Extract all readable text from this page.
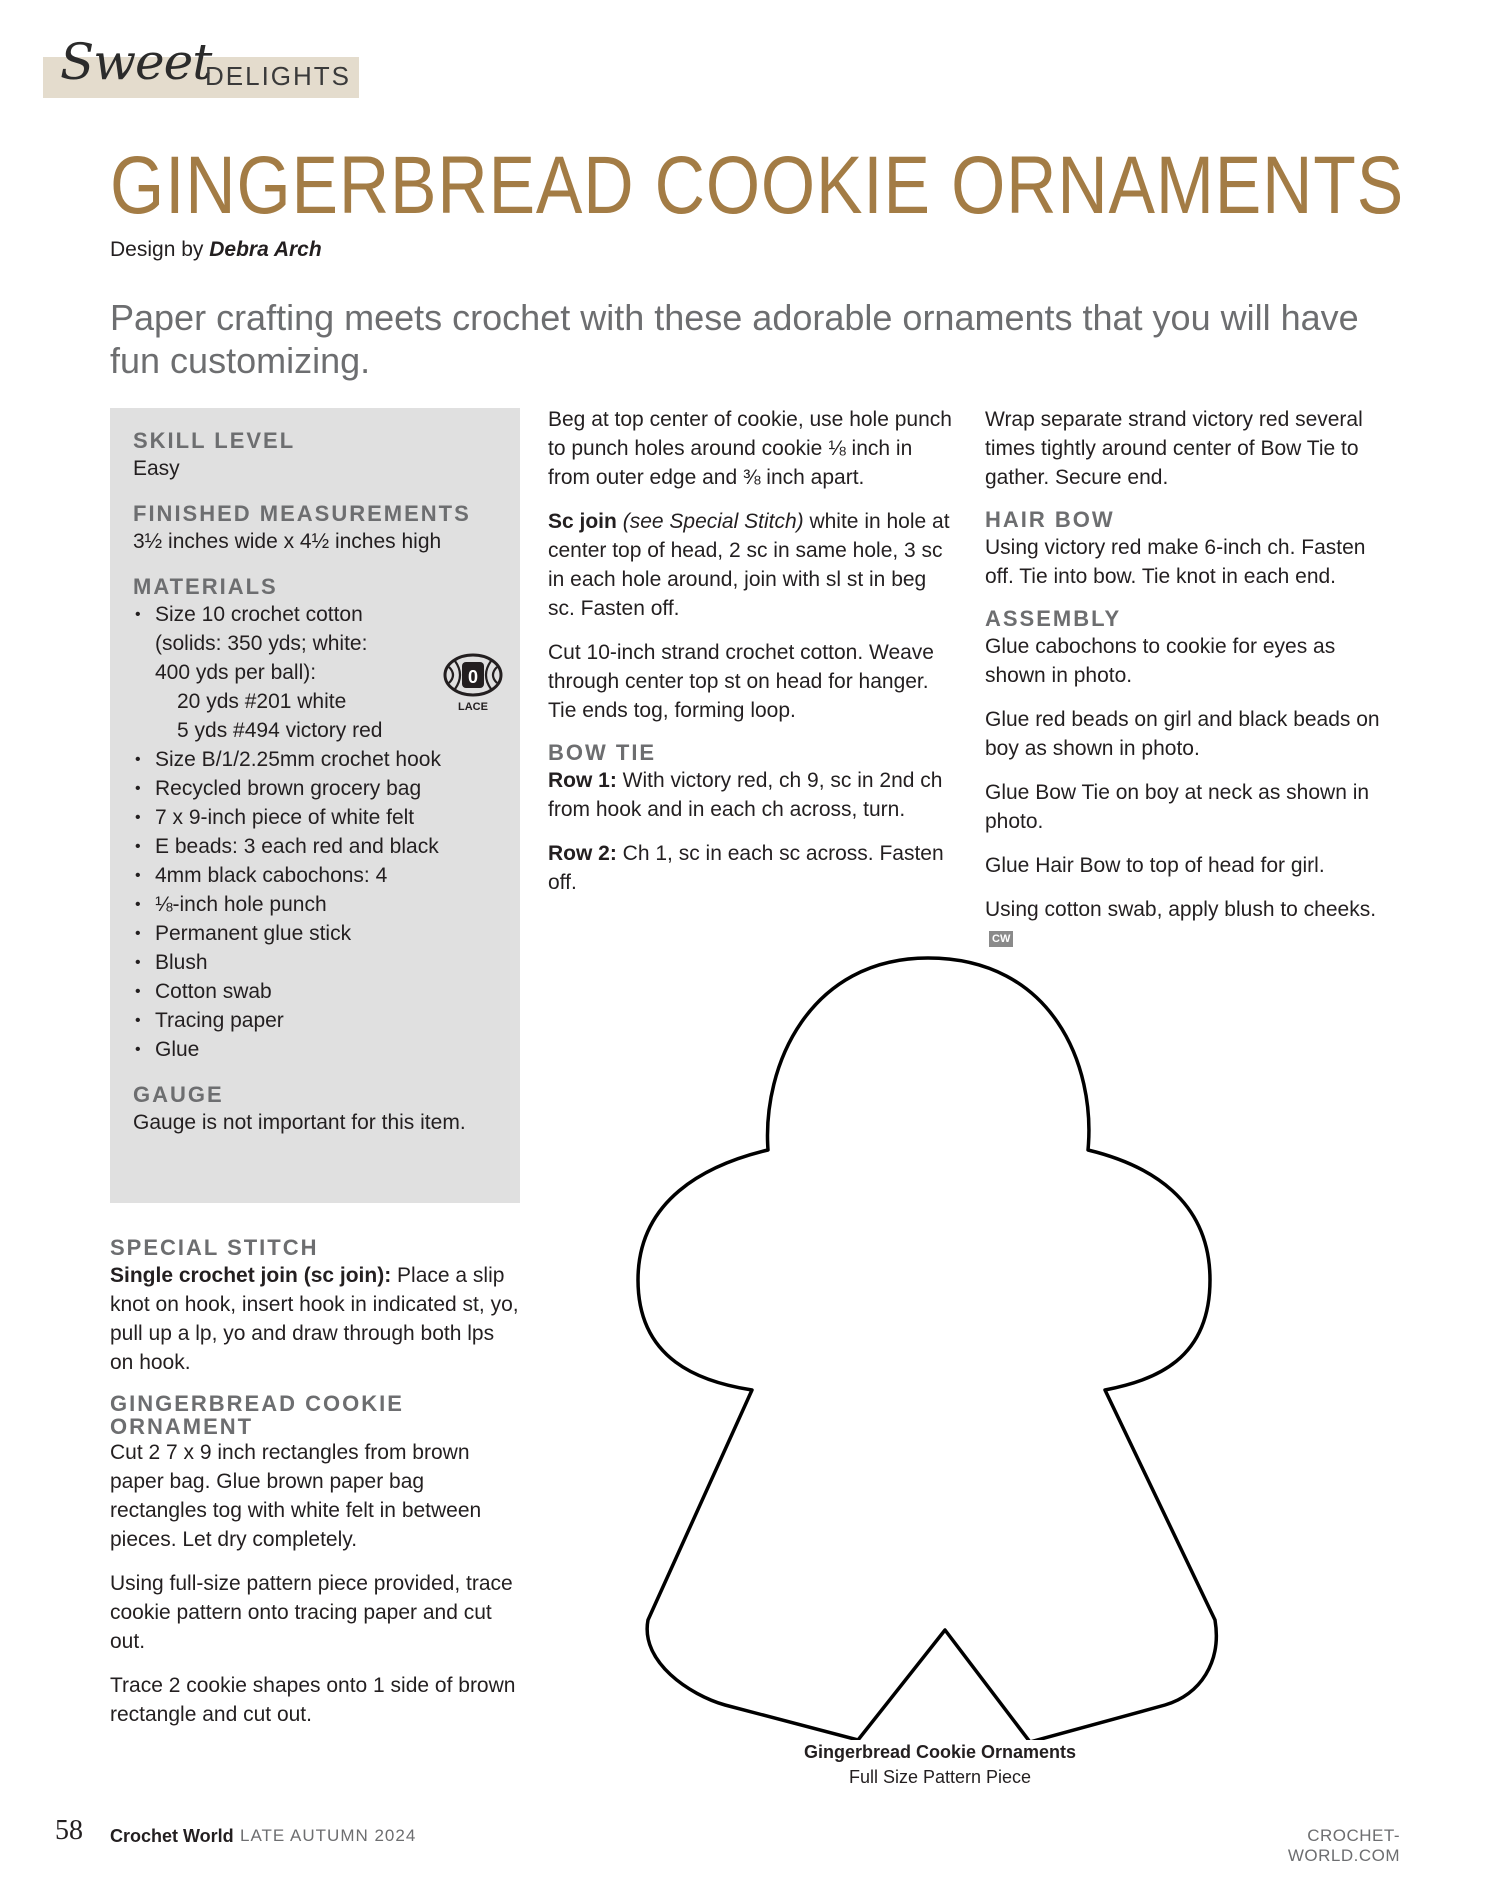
Sweet
DELIGHTS
GINGERBREAD COOKIE ORNAMENTS
Design by Debra Arch
Paper crafting meets crochet with these adorable ornaments that you will have fun customizing.
SKILL LEVEL
Easy
FINISHED MEASUREMENTS
3½ inches wide x 4½ inches high
MATERIALS
• Size 10 crochet cotton
(solids: 350 yds; white:
400 yds per ball):
20 yds #201 white
5 yds #494 victory red
• Size B/1/2.25mm crochet hook
• Recycled brown grocery bag
• 7 x 9-inch piece of white felt
• E beads: 3 each red and black
• 4mm black cabochons: 4
• ⅛-inch hole punch
• Permanent glue stick
• Blush
• Cotton swab
• Tracing paper
• Glue
GAUGE
Gauge is not important for this item.
0
LACE

SPECIAL STITCH

Single crochet join (sc join): Place a slip knot on hook, insert hook in indicated st, yo, pull up a lp, yo and draw through both lps on hook.

GINGERBREAD COOKIE ORNAMENT

Cut 2 7 x 9 inch rectangles from brown paper bag. Glue brown paper bag rectangles tog with white felt in between pieces. Let dry completely.

Using full-size pattern piece provided, trace cookie pattern onto tracing paper and cut out.

Trace 2 cookie shapes onto 1 side of brown rectangle and cut out.

Beg at top center of cookie, use hole punch to punch holes around cookie ⅛ inch in from outer edge and ⅜ inch apart.

Sc join (see Special Stitch) white in hole at center top of head, 2 sc in same hole, 3 sc in each hole around, join with sl st in beg sc. Fasten off.

Cut 10-inch strand crochet cotton. Weave through center top st on head for hanger. Tie ends tog, forming loop.

BOW TIE

Row 1: With victory red, ch 9, sc in 2nd ch from hook and in each ch across, turn.

Row 2: Ch 1, sc in each sc across. Fasten off.

Wrap separate strand victory red several times tightly around center of Bow Tie to gather. Secure end.

HAIR BOW

Using victory red make 6-inch ch. Fasten off. Tie into bow. Tie knot in each end.

ASSEMBLY

Glue cabochons to cookie for eyes as shown in photo.

Glue red beads on girl and black beads on boy as shown in photo.

Glue Bow Tie on boy at neck as shown in photo.

Glue Hair Bow to top of head for girl.

Using cotton swab, apply blush to cheeks.CW

Gingerbread Cookie Ornaments
Full Size Pattern Piece
58 Crochet World LATE AUTUMN 2024	CROCHET-WORLD.COM
